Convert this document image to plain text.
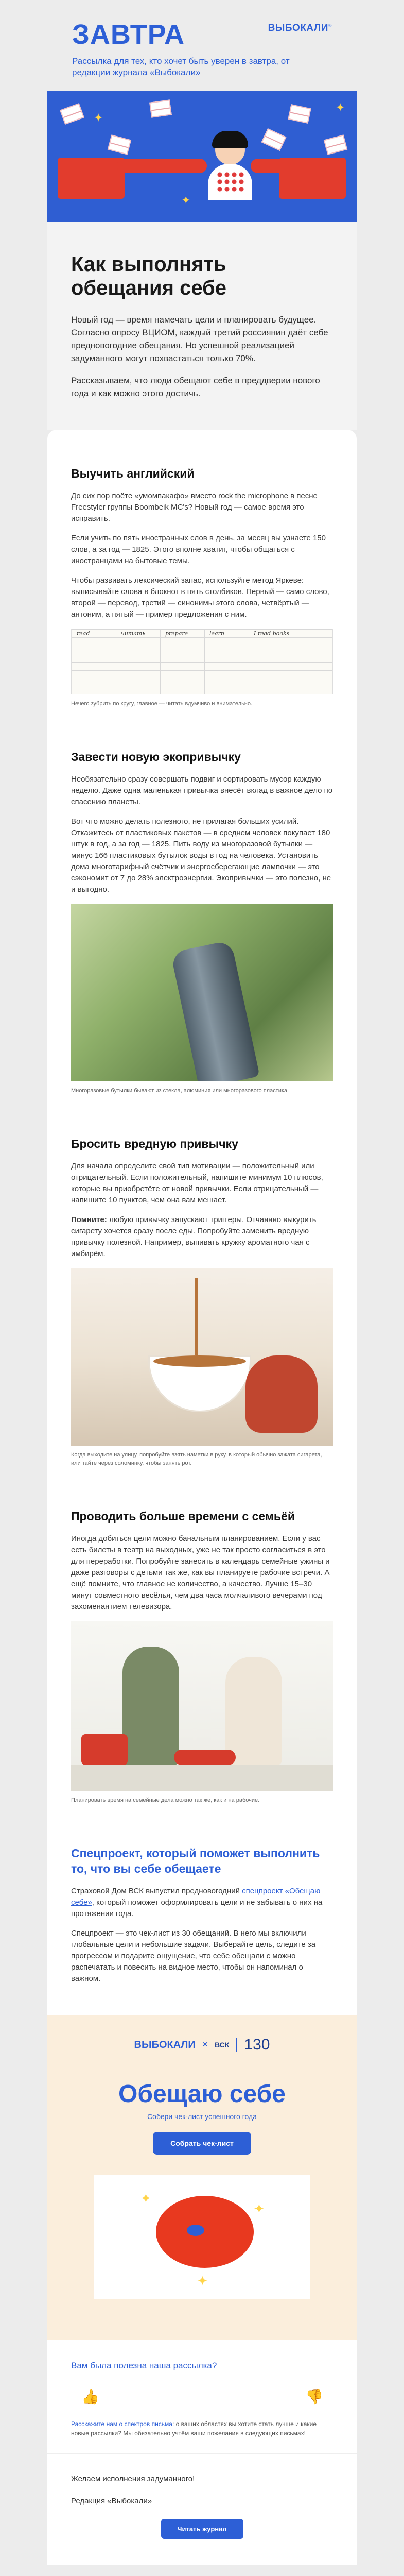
ЗАВТРА
Рассылка для тех, кто хочет быть уверен в завтра, от редакции журнала «Выбокали»
ВЫБОКАЛИ®
✦
✦
✦
Как выполнять обещания себе

Новый год — время намечать цели и планировать будущее. Согласно опросу ВЦИОМ, каждый третий россиянин даёт себе предновогодние обещания. Но успешной реализацией задуманного могут похвастаться только 70%.

Рассказываем, что люди обещают себе в преддверии нового года и как можно этого достичь.

Выучить английский

До сих пор поёте «умомпакафо» вместо rock the microphone в песне Freestyler группы Boombeik MC's? Новый год — самое время это исправить.

Если учить по пять иностранных слов в день, за месяц вы узнаете 150 слов, а за год — 1825. Этого вполне хватит, чтобы общаться с иностранцами на бытовые темы.

Чтобы развивать лексический запас, используйте метод Яркеве: выписывайте слова в блокнот в пять столбиков. Первый — само слово, второй — перевод, третий — синонимы этого слова, четвёртый — антоним, а пятый — пример предложения с ним.

read	читать	prepare	learn	I read books

Нечего зубрить по кругу, главное — читать вдумчиво и внимательно.

Завести новую экопривычку

Необязательно сразу совершать подвиг и сортировать мусор каждую неделю. Даже одна маленькая привычка внесёт вклад в важное дело по спасению планеты.

Вот что можно делать полезного, не прилагая больших усилий. Откажитесь от пластиковых пакетов — в среднем человек покупает 180 штук в год, а за год — 1825. Пить воду из многоразовой бутылки — минус 166 пластиковых бутылок воды в год на человека. Установить дома многотарифный счётчик и энергосберегающие лампочки — это сэкономит от 7 до 28% электроэнергии. Экопривычки — это полезно, не и выгодно.

Многоразовые бутылки бывают из стекла, алюминия или многоразового пластика.

Бросить вредную привычку

Для начала определите свой тип мотивации — положительный или отрицательный. Если положительный, напишите минимум 10 плюсов, которые вы приобретёте от новой привычки. Если отрицательный — напишите 10 пунктов, чем она вам мешает.

Помните: любую привычку запускают триггеры. Отчаянно выкурить сигарету хочется сразу после еды. Попробуйте заменить вредную привычку полезной. Например, выпивать кружку ароматного чая с имбирём.

Когда выходите на улицу, попробуйте взять наметки в руку, в который обычно зажата сигарета, или тайте через соломинку, чтобы занять рот.

Проводить больше времени с семьёй

Иногда добиться цели можно банальным планированием. Если у вас есть билеты в театр на выходных, уже не так просто согласиться в это для переработки. Попробуйте занесить в календарь семейные ужины и даже разговоры с детьми так же, как вы планируете рабочие встречи. А ещё помните, что главное не количество, а качество. Лучше 15–30 минут совместного весёлья, чем два часа молчаливого вечерами под захоменантием телевизора.

Планировать время на семейные дела можно так же, как и на рабочие.

Спецпроект, который поможет выполнить то, что вы себе обещаете

Страховой Дом ВСК выпустил предновогодний спецпроект «Обещаю себе», который поможет оформлировать цели и не забывать о них на протяжении года.

Спецпроект — это чек-лист из 30 обещаний. В него мы включили глобальные цели и небольшие задачи. Выберайте цель, следите за прогрессом и подарите ощущение, что себе обещали с можно распечатать и повесить на видное место, чтобы он напоминал о важном.

ВЫБОКАЛИ × ВСК 130
Обещаю себе
Собери чек-лист успешного года
Собрать чек-лист
✦
✦
✦
Вам была полезна наша рассылка?
👍	👎

Расскажите нам о спектров письма: о ваших областях вы хотите стать лучше и какие новые рассылки? Мы обязательно учтём ваши пожелания в следующих письмах!

Желаем исполнения задуманного!

Редакция «Выбокали»

Читать журнал
